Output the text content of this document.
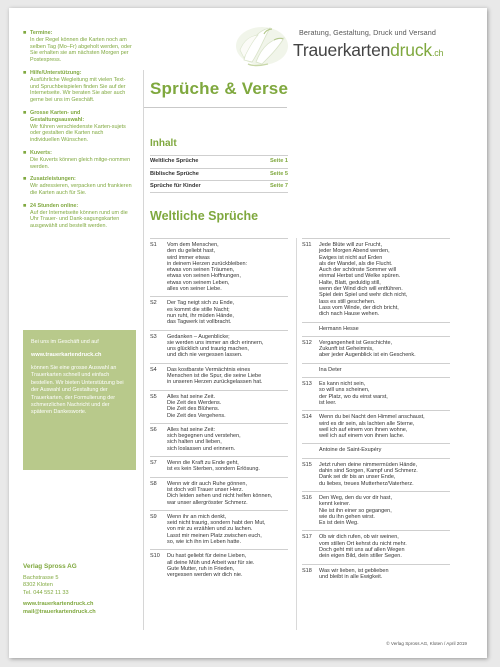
■ Termine:
In der Regel können die Karten noch am selben Tag (Mo–Fr) abgeholt werden, oder Sie erhalten sie am nächsten Morgen per Postexpress.
■ Hilfe/Unterstützung:
Ausführliche Wegleitung mit vielen Text- und Spruchbeispielen finden Sie auf der Internetseite. Wir beraten Sie aber auch gerne bei uns im Geschäft.
■ Grosse Karten- und Gestaltungsauswahl:
Wir führen verschiedenste Karten-sujets oder gestalten die Karten nach individuellen Wünschen.
■ Kuverts:
Die Kuverts können gleich mitge-nommen werden.
■ Zusatzleistungen:
Wir adressieren, verpacken und frankieren die Karten auch für Sie.
■ 24 Stunden online:
Auf der Internetseite können rund um die Uhr Trauer- und Dank-sagungskarten ausgewählt und bestellt werden.
Bei uns im Geschäft und auf
www.trauerkartendruck.ch
können Sie eine grosse Auswahl an Trauerkarten schnell und einfach bestellen. Wir bieten Unterstützung bei der Auswahl und Gestaltung der Trauerkarten, der Formulierung der schmerzlichen Nachricht und der späteren Dankesworte.
Verlag Spross AG
Bachstrasse 5
8302 Kloten
Tel. 044 552 11 33
www.trauerkartendruck.ch
mail@trauerkartendruck.ch
Beratung, Gestaltung, Druck und Versand
Trauerkartendruck.ch
Sprüche & Verse
Inhalt
Weltliche Sprüche	Seite 1
Biblische Sprüche	Seite 5
Sprüche für Kinder	Seite 7
Weltliche Sprüche
S1	Vom dem Menschen,
den du geliebt hast,
wird immer etwas
in deinem Herzen zurückbleiben:
etwas von seinen Träumen,
etwas von seinen Hoffnungen,
etwas von seinem Leben,
alles von seiner Liebe.
S2	Der Tag neigt sich zu Ende,
es kommt die stille Nacht;
nun ruht, ihr müden Hände,
das Tagwerk ist vollbracht.
S3	Gedanken – Augenblicke;
sie werden uns immer an dich erinnern,
uns glücklich und traurig machen,
und dich nie vergessen lassen.
S4	Das kostbarste Vermächtnis eines
Menschen ist die Spur, die seine Liebe
in unseren Herzen zurückgelassen hat.
S5	Alles hat seine Zeit.
Die Zeit des Werdens.
Die Zeit des Blühens.
Die Zeit des Vergehens.
S6	Alles hat seine Zeit:
sich begegnen und verstehen,
sich halten und lieben,
sich loslassen und erinnern.
S7	Wenn die Kraft zu Ende geht,
ist es kein Sterben, sondern Erlösung.
S8	Wenn wir dir auch Ruhe gönnen,
ist doch voll Trauer unser Herz.
Dich leiden sehen und nicht helfen können,
war unser allergrösster Schmerz.
S9	Wenn ihr an mich denkt,
seid nicht traurig, sondern habt den Mut,
von mir zu erzählen und zu lachen.
Lasst mir meinen Platz zwischen euch,
so, wie ich ihn im Leben hatte.
S10	Du hast geliebt für deine Lieben,
all deine Müh und Arbeit war für sie.
Gute Mutter, ruh in Frieden,
vergessen werden wir dich nie.
S11	Jede Blüte will zur Frucht,
jeder Morgen Abend werden,
Ewiges ist nicht auf Erden
als der Wandel, als die Flucht.
Auch der schönste Sommer will
einmal Herbst und Welke spüren.
Halte, Blatt, geduldig still,
wenn der Wind dich will entführen.
Spiel dein Spiel und wehr dich nicht,
lass es still geschehen.
Lass vom Winde, der dich bricht,
dich nach Hause wehen.
Hermann Hesse
S12	Vergangenheit ist Geschichte,
Zukunft ist Geheimnis,
aber jeder Augenblick ist ein Geschenk.
Ina Deter
S13	Es kann nicht sein,
so will uns scheinen,
der Platz, wo du einst warst,
ist leer.
S14	Wenn du bei Nacht den Himmel anschaust,
wird es dir sein, als lachten alle Sterne,
weil ich auf einem von ihnen wohne,
weil ich auf einem von ihnen lache.
Antoine de Saint-Exupéry
S15	Jetzt ruhen deine nimmermüden Hände,
dahin sind Sorgen, Kampf und Schmerz.
Dank sei dir bis an unser Ende,
du liebes, treues Mutterherz/Vaterherz.
S16	Den Weg, den du vor dir hast,
kennt keiner.
Nie ist ihn einer so gegangen,
wie du ihn gehen wirst.
Es ist dein Weg.
S17	Ob wir dich rufen, ob wir weinen,
vom stillen Ort kehrst du nicht mehr.
Doch geht mit uns auf allen Wegen
dein eigen Bild, dein stiller Segen.
S18	Was wir lieben, ist geblieben
und bleibt in alle Ewigkeit.
© Verlag Spross AG, Kloten / April 2019
